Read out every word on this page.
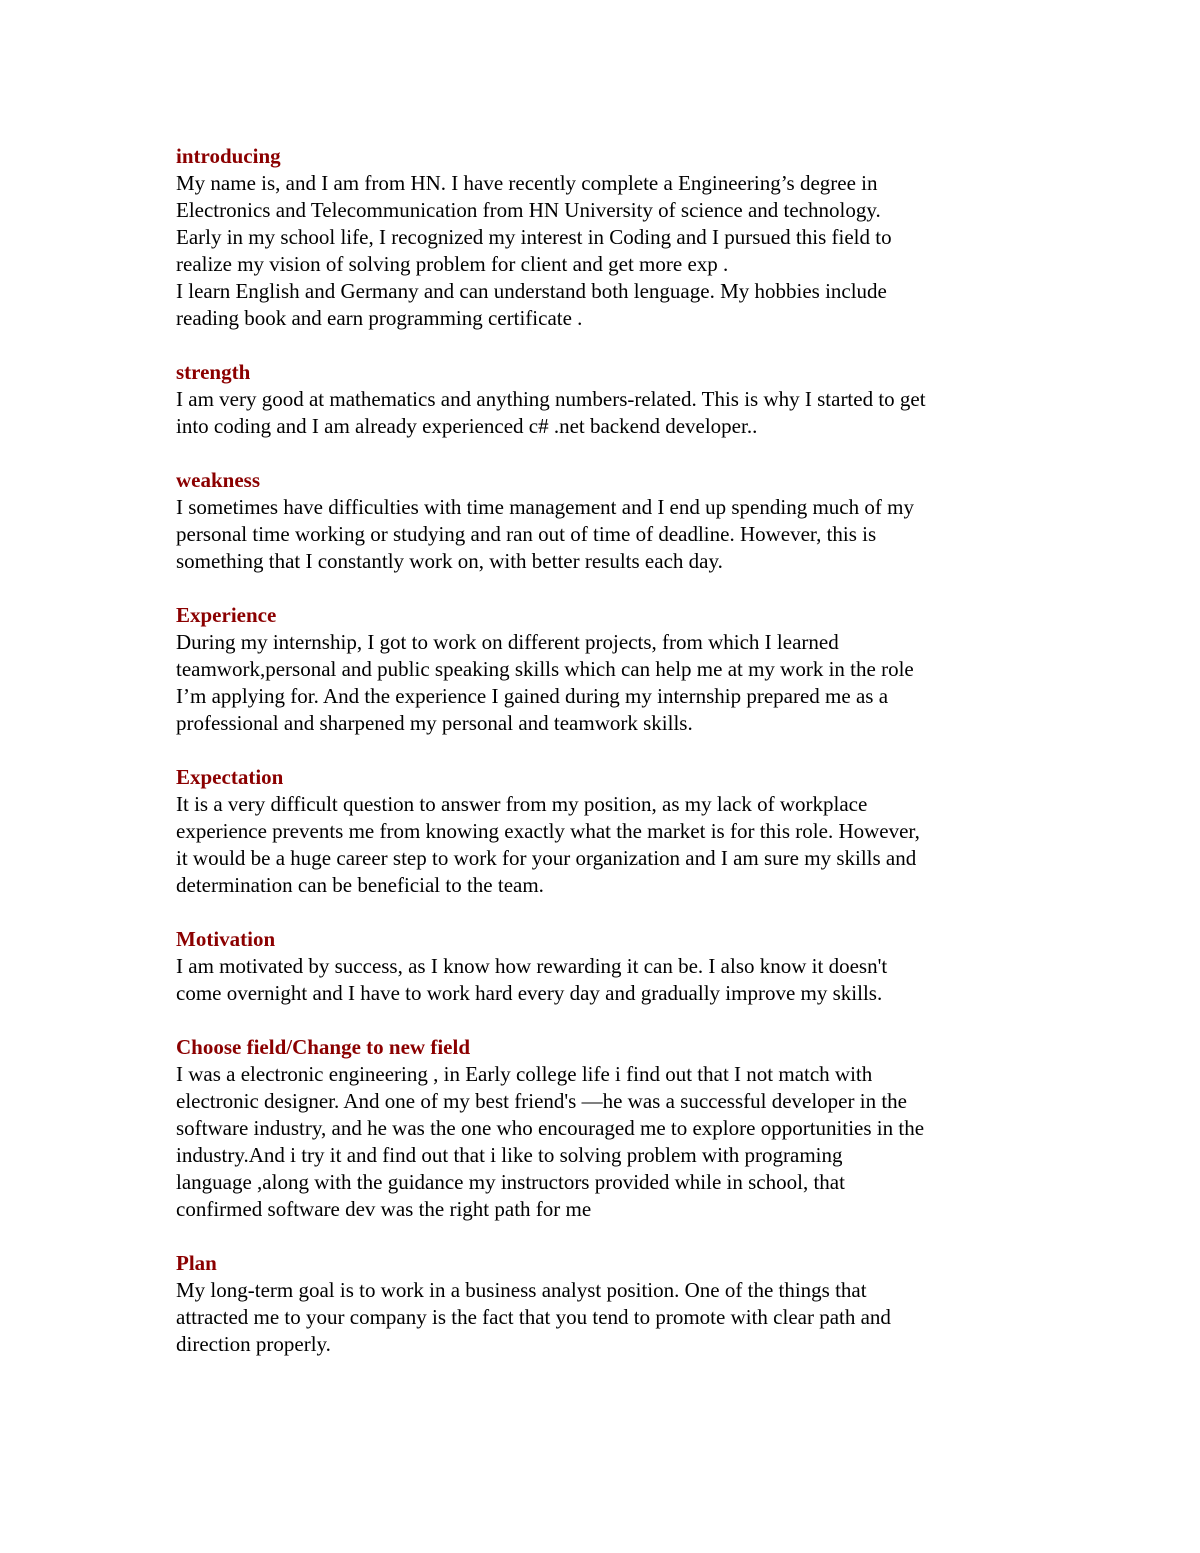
introducing
My name is, and I am from HN. I have recently complete a Engineering’s degree in
Electronics and Telecommunication from HN University of science and technology.
Early in my school life, I recognized my interest in Coding and I pursued this field to
realize my vision of solving problem for client and get more exp .
I learn English and Germany and can understand both lenguage. My hobbies include
reading book and earn programming certificate .
strength
I am very good at mathematics and anything numbers-related. This is why I started to get
into coding and I am already experienced c# .net backend developer..
weakness
I sometimes have difficulties with time management and I end up spending much of my
personal time working or studying and ran out of time of deadline. However, this is
something that I constantly work on, with better results each day.
Experience
During my internship, I got to work on different projects, from which I learned
teamwork,personal and public speaking skills which can help me at my work in the role
I’m applying for. And the experience I gained during my internship prepared me as a
professional and sharpened my personal and teamwork skills.
Expectation
It is a very difficult question to answer from my position, as my lack of workplace
experience prevents me from knowing exactly what the market is for this role. However,
it would be a huge career step to work for your organization and I am sure my skills and
determination can be beneficial to the team.
Motivation
I am motivated by success, as I know how rewarding it can be. I also know it doesn't
come overnight and I have to work hard every day and gradually improve my skills.
Choose field/Change to new field
I was a electronic engineering , in Early college life i find out that I not match with
electronic designer. And one of my best friend's —he was a successful developer in the
software industry, and he was the one who encouraged me to explore opportunities in the
industry.And i try it and find out that i like to solving problem with programing
language ,along with the guidance my instructors provided while in school, that
confirmed software dev was the right path for me
Plan
My long-term goal is to work in a business analyst position. One of the things that
attracted me to your company is the fact that you tend to promote with clear path and
direction properly.
